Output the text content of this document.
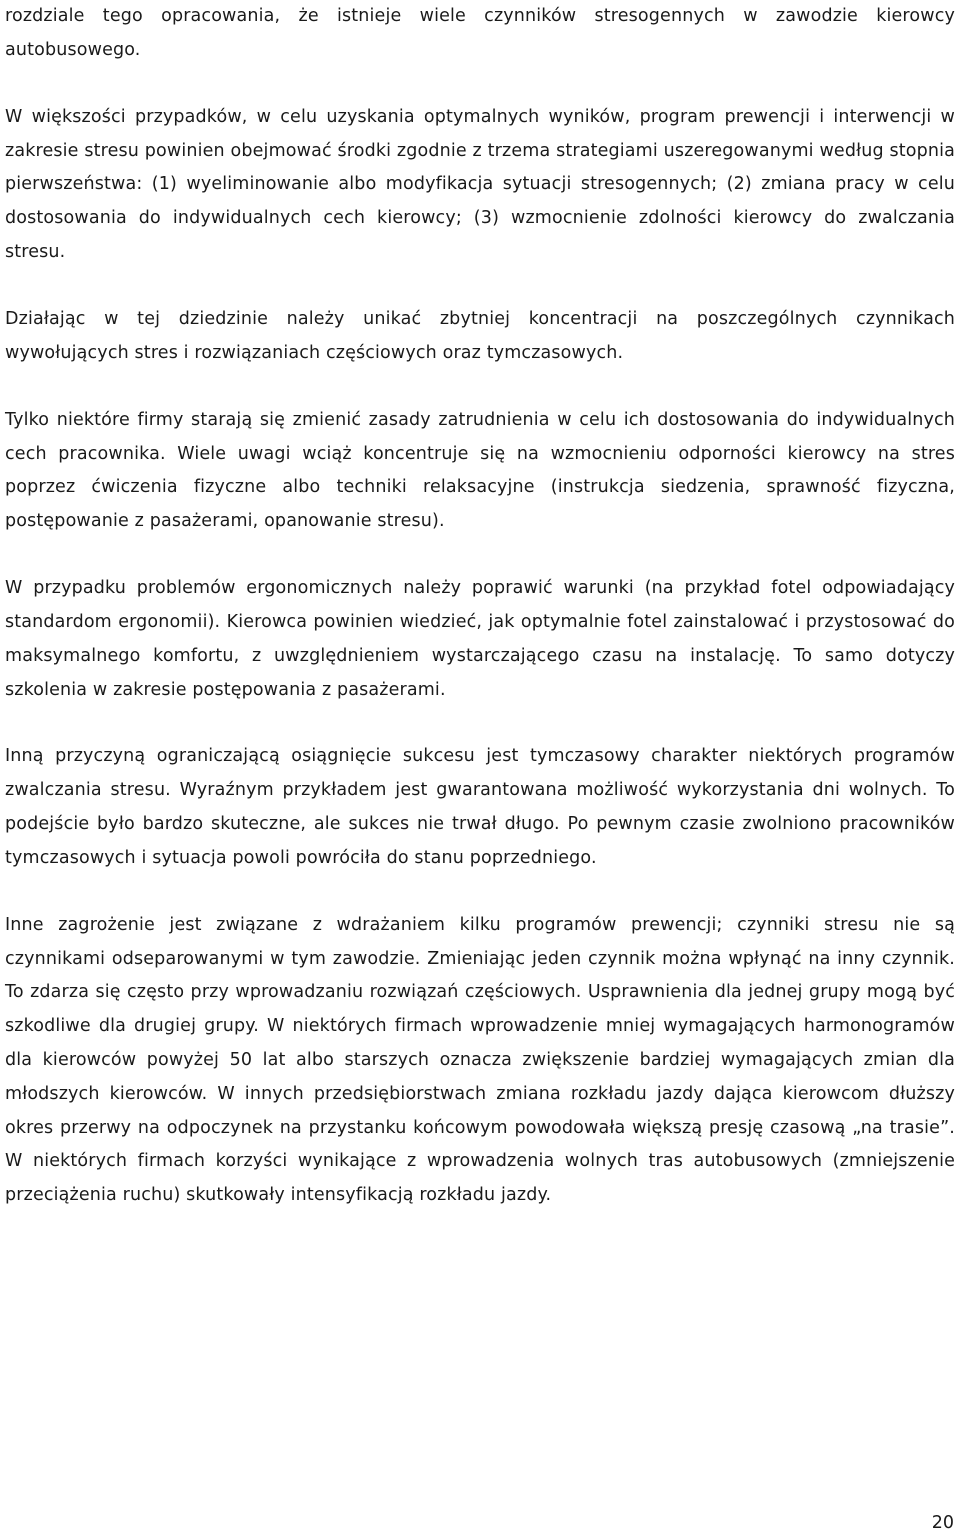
rozdziale tego opracowania, że istnieje wiele czynników stresogennych w zawodzie kierowcy autobusowego.

W większości przypadków, w celu uzyskania optymalnych wyników, program prewencji i interwencji w zakresie stresu powinien obejmować środki zgodnie z trzema strategiami uszeregowanymi według stopnia pierwszeństwa: (1) wyeliminowanie albo modyfikacja sytuacji stresogennych; (2) zmiana pracy w celu dostosowania do indywidualnych cech kierowcy; (3) wzmocnienie zdolności kierowcy do zwalczania stresu.

Działając w tej dziedzinie należy unikać zbytniej koncentracji na poszczególnych czynnikach wywołujących stres i rozwiązaniach częściowych oraz tymczasowych.

Tylko niektóre firmy starają się zmienić zasady zatrudnienia w celu ich dostosowania do indywidualnych cech pracownika. Wiele uwagi wciąż koncentruje się na wzmocnieniu odporności kierowcy na stres poprzez ćwiczenia fizyczne albo techniki relaksacyjne (instrukcja siedzenia, sprawność fizyczna, postępowanie z pasażerami, opanowanie stresu).

W przypadku problemów ergonomicznych należy poprawić warunki (na przykład fotel odpowiadający standardom ergonomii). Kierowca powinien wiedzieć, jak optymalnie fotel zainstalować i przystosować do maksymalnego komfortu, z uwzględnieniem wystarczającego czasu na instalację. To samo dotyczy szkolenia w zakresie postępowania z pasażerami.

Inną przyczyną ograniczającą osiągnięcie sukcesu jest tymczasowy charakter niektórych programów zwalczania stresu. Wyraźnym przykładem jest gwarantowana możliwość wykorzystania dni wolnych. To podejście było bardzo skuteczne, ale sukces nie trwał długo. Po pewnym czasie zwolniono pracowników tymczasowych i sytuacja powoli powróciła do stanu poprzedniego.

Inne zagrożenie jest związane z wdrażaniem kilku programów prewencji; czynniki stresu nie są czynnikami odseparowanymi w tym zawodzie. Zmieniając jeden czynnik można wpłynąć na inny czynnik. To zdarza się często przy wprowadzaniu rozwiązań częściowych. Usprawnienia dla jednej grupy mogą być szkodliwe dla drugiej grupy. W niektórych firmach wprowadzenie mniej wymagających harmonogramów dla kierowców powyżej 50 lat albo starszych oznacza zwiększenie bardziej wymagających zmian dla młodszych kierowców. W innych przedsiębiorstwach zmiana rozkładu jazdy dająca kierowcom dłuższy okres przerwy na odpoczynek na przystanku końcowym powodowała większą presję czasową „na trasie”. W niektórych firmach korzyści wynikające z wprowadzenia wolnych tras autobusowych (zmniejszenie przeciążenia ruchu) skutkowały intensyfikacją rozkładu jazdy.

20
